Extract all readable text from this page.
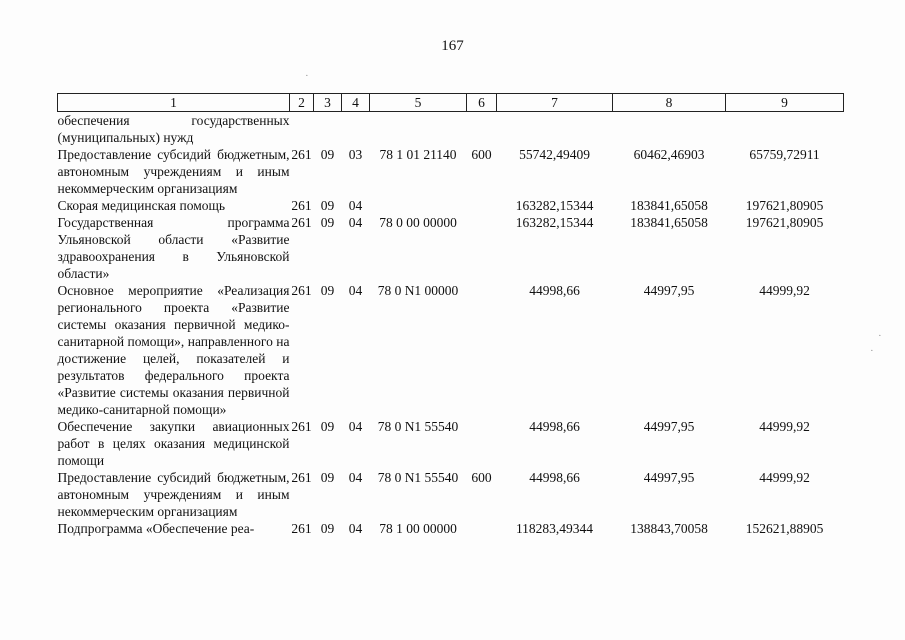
167
1	2	3	4	5	6	7	8	9
обеспечения государственных (муниципальных) нужд								
Предоставление субсидий бюджетным, автономным учреждениям и иным некоммерческим организациям	261	09	03	78 1 01 21140	600	55742,49409	60462,46903	65759,72911
Скорая медицинская помощь	261	09	04			163282,15344	183841,65058	197621,80905
Государственная программа Ульяновской области «Развитие здравоохранения в Ульяновской области»	261	09	04	78 0 00 00000		163282,15344	183841,65058	197621,80905
Основное мероприятие «Реализация регионального проекта «Развитие системы оказания первичной медико-санитарной помощи», направленного на достижение целей, показателей и результатов федерального проекта «Развитие системы оказания первичной медико-санитарной помощи»	261	09	04	78 0 N1 00000		44998,66	44997,95	44999,92
Обеспечение закупки авиационных работ в целях оказания медицинской помощи	261	09	04	78 0 N1 55540		44998,66	44997,95	44999,92
Предоставление субсидий бюджетным, автономным учреждениям и иным некоммерческим организациям	261	09	04	78 0 N1 55540	600	44998,66	44997,95	44999,92
Подпрограмма «Обеспечение реа-	261	09	04	78 1 00 00000		118283,49344	138843,70058	152621,88905
·
·
·
